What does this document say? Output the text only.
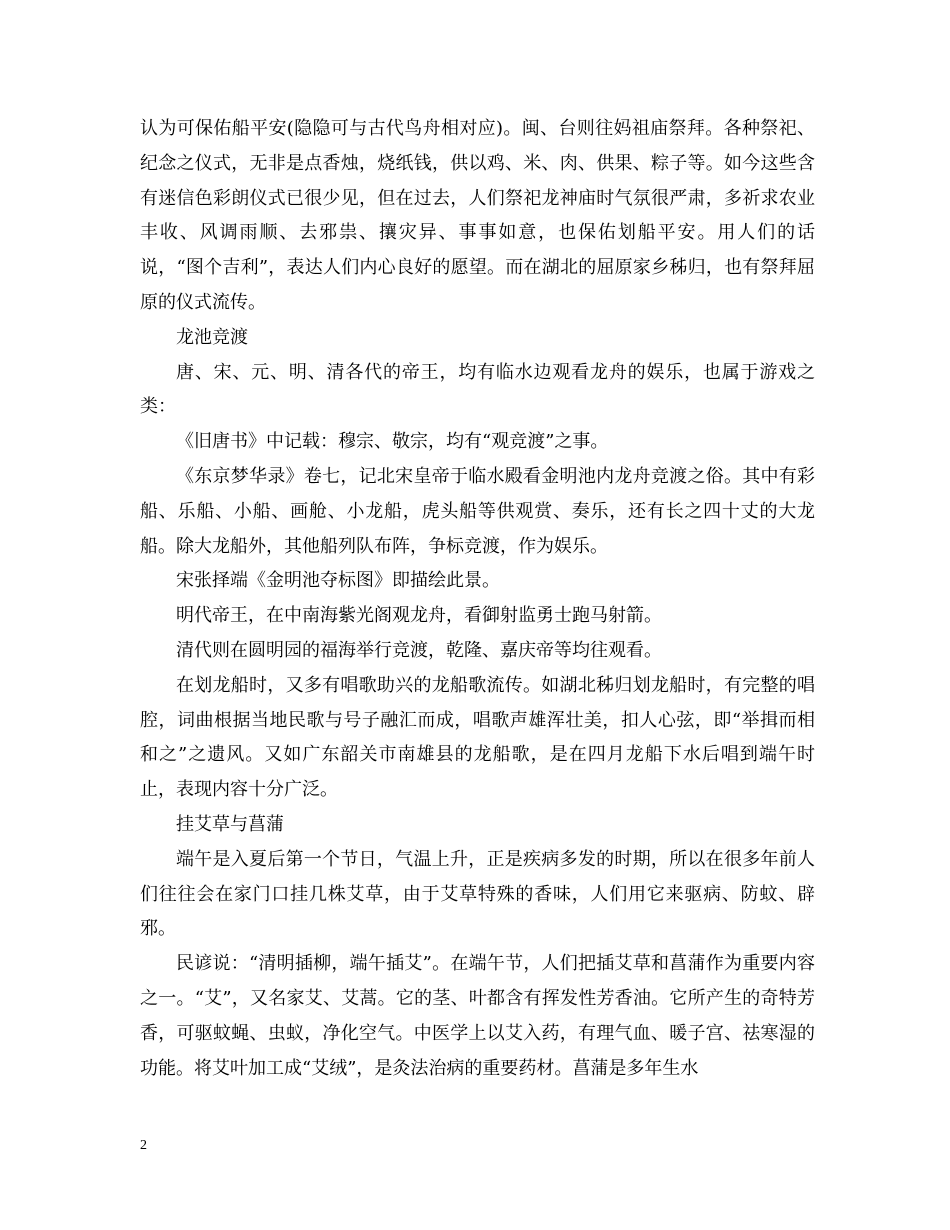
认为可保佑船平安(隐隐可与古代鸟舟相对应)。闽、台则往妈祖庙祭拜。各种祭祀、纪念之仪式，无非是点香烛，烧纸钱，供以鸡、米、肉、供果、粽子等。如今这些含有迷信色彩朗仪式已很少见，但在过去，人们祭祀龙神庙时气氛很严肃，多祈求农业丰收、风调雨顺、去邪祟、攘灾异、事事如意，也保佑划船平安。用人们的话说，“图个吉利”，表达人们内心良好的愿望。而在湖北的屈原家乡秭归，也有祭拜屈原的仪式流传。

龙池竞渡

唐、宋、元、明、清各代的帝王，均有临水边观看龙舟的娱乐，也属于游戏之类：

《旧唐书》中记载：穆宗、敬宗，均有“观竞渡”之事。

《东京梦华录》卷七，记北宋皇帝于临水殿看金明池内龙舟竞渡之俗。其中有彩船、乐船、小船、画舱、小龙船，虎头船等供观赏、奏乐，还有长之四十丈的大龙船。除大龙船外，其他船列队布阵，争标竞渡，作为娱乐。

宋张择端《金明池夺标图》即描绘此景。

明代帝王，在中南海紫光阁观龙舟，看御射监勇士跑马射箭。

清代则在圆明园的福海举行竞渡，乾隆、嘉庆帝等均往观看。

在划龙船时，又多有唱歌助兴的龙船歌流传。如湖北秭归划龙船时，有完整的唱腔，词曲根据当地民歌与号子融汇而成，唱歌声雄浑壮美，扣人心弦，即“举揖而相和之”之遗风。又如广东韶关市南雄县的龙船歌，是在四月龙船下水后唱到端午时止，表现内容十分广泛。

挂艾草与菖蒲

端午是入夏后第一个节日，气温上升，正是疾病多发的时期，所以在很多年前人们往往会在家门口挂几株艾草，由于艾草特殊的香味，人们用它来驱病、防蚊、辟邪。

民谚说：“清明插柳，端午插艾”。在端午节，人们把插艾草和菖蒲作为重要内容之一。“艾”，又名家艾、艾蒿。它的茎、叶都含有挥发性芳香油。它所产生的奇特芳香，可驱蚊蝇、虫蚁，净化空气。中医学上以艾入药，有理气血、暖子宫、祛寒湿的功能。将艾叶加工成“艾绒”，是灸法治病的重要药材。菖蒲是多年生水

2
